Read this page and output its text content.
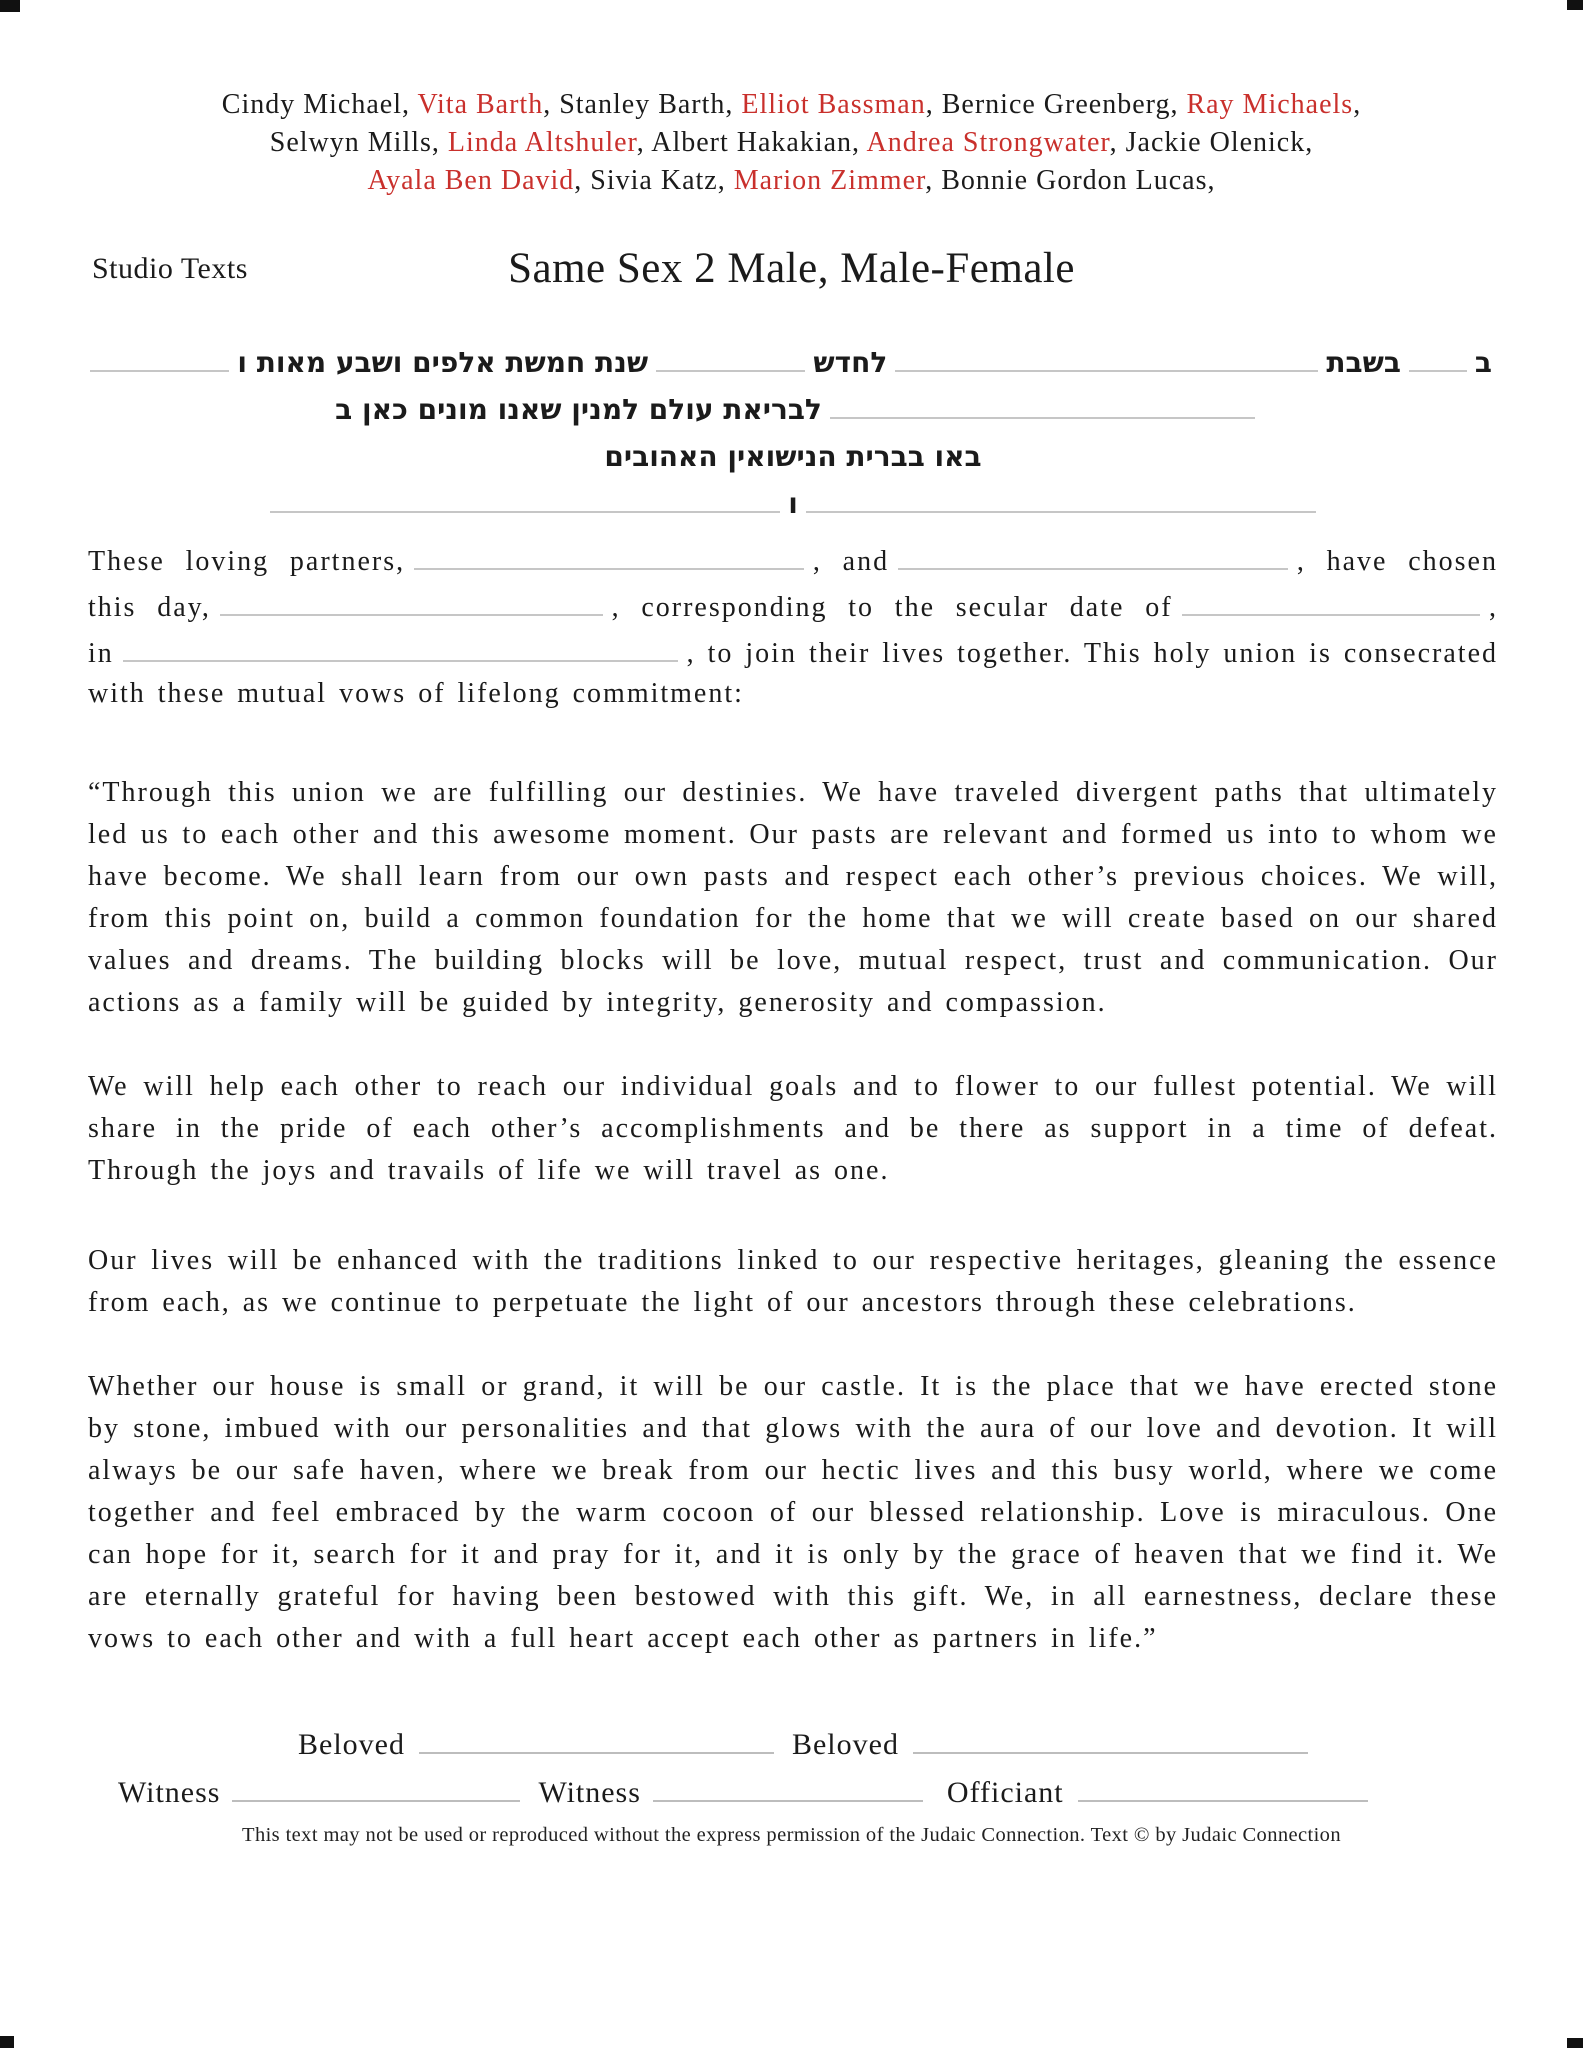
Cindy Michael, Vita Barth, Stanley Barth, Elliot Bassman, Bernice Greenberg, Ray Michaels,
Selwyn Mills, Linda Altshuler, Albert Hakakian, Andrea Strongwater, Jackie Olenick,
Ayala Ben David, Sivia Katz, Marion Zimmer, Bonnie Gordon Lucas,
Studio Texts	Same Sex 2 Male, Male-Female
שנת חמשת אלפים ושבע מאות ו	לחדש	בשבת	ב
לבריאת עולם למנין שאנו מונים כאן ב
באו בברית הנישואין האהובים
ו
These loving partners,	, and	, have chosen
this day,	, corresponding to the secular date of	,
in	, to join their lives together. This holy union is consecrated
with these mutual vows of lifelong commitment:
“Through this union we are fulfilling our destinies. We have traveled divergent paths that ultimately led us to each other and this awesome moment. Our pasts are relevant and formed us into to whom we have become. We shall learn from our own pasts and respect each other’s previous choices. We will, from this point on, build a common foundation for the home that we will create based on our shared values and dreams. The building blocks will be love, mutual respect, trust and communication. Our actions as a family will be guided by integrity, generosity and compassion.
We will help each other to reach our individual goals and to flower to our fullest potential. We will share in the pride of each other’s accomplishments and be there as support in a time of defeat. Through the joys and travails of life we will travel as one.
Our lives will be enhanced with the traditions linked to our respective heritages, gleaning the essence from each, as we continue to perpetuate the light of our ancestors through these celebrations.
Whether our house is small or grand, it will be our castle. It is the place that we have erected stone by stone, imbued with our personalities and that glows with the aura of our love and devotion. It will always be our safe haven, where we break from our hectic lives and this busy world, where we come together and feel embraced by the warm cocoon of our blessed relationship. Love is miraculous. One can hope for it, search for it and pray for it, and it is only by the grace of heaven that we find it. We are eternally grateful for having been bestowed with this gift. We, in all earnestness, declare these vows to each other and with a full heart accept each other as partners in life.”
Beloved	Beloved
Witness	Witness	Officiant
This text may not be used or reproduced without the express permission of the Judaic Connection. Text © by Judaic Connection
